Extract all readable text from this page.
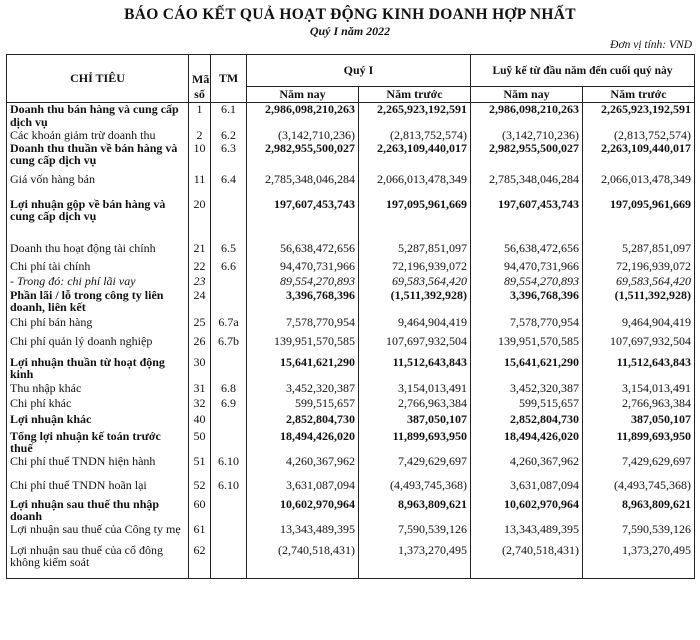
BÁO CÁO KẾT QUẢ HOẠT ĐỘNG KINH DOANH HỢP NHẤT
Quý I năm 2022
Đơn vị tính: VND
CHỈ TIÊU	Mã	TM	Quý I		Luỹ kế từ đầu năm đến cuối quý này	
	số		Năm nay	Năm trước	Năm nay	Năm trước
Doanh thu bán hàng và cung cấp dịch vụ	1	6.1	2,986,098,210,263	2,265,923,192,591	2,986,098,210,263	2,265,923,192,591
Các khoản giảm trừ doanh thu	2	6.2	(3,142,710,236)	(2,813,752,574)	(3,142,710,236)	(2,813,752,574)
Doanh thu thuần về bán hàng và cung cấp dịch vụ	10	6.3	2,982,955,500,027	2,263,109,440,017	2,982,955,500,027	2,263,109,440,017
Giá vốn hàng bán	11	6.4	2,785,348,046,284	2,066,013,478,349	2,785,348,046,284	2,066,013,478,349
Lợi nhuận gộp về bán hàng và cung cấp dịch vụ	20		197,607,453,743	197,095,961,669	197,607,453,743	197,095,961,669
Doanh thu hoạt động tài chính	21	6.5	56,638,472,656	5,287,851,097	56,638,472,656	5,287,851,097
Chi phí tài chính	22	6.6	94,470,731,966	72,196,939,072	94,470,731,966	72,196,939,072
- Trong đó: chi phí lãi vay	23		89,554,270,893	69,583,564,420	89,554,270,893	69,583,564,420
Phần lãi / lỗ trong công ty liên doanh, liên kết	24		3,396,768,396	(1,511,392,928)	3,396,768,396	(1,511,392,928)
Chi phí bán hàng	25	6.7a	7,578,770,954	9,464,904,419	7,578,770,954	9,464,904,419
Chi phí quản lý doanh nghiệp	26	6.7b	139,951,570,585	107,697,932,504	139,951,570,585	107,697,932,504
Lợi nhuận thuần từ hoạt động kinh	30		15,641,621,290	11,512,643,843	15,641,621,290	11,512,643,843
Thu nhập khác	31	6.8	3,452,320,387	3,154,013,491	3,452,320,387	3,154,013,491
Chi phí khác	32	6.9	599,515,657	2,766,963,384	599,515,657	2,766,963,384
Lợi nhuận khác	40		2,852,804,730	387,050,107	2,852,804,730	387,050,107
Tổng lợi nhuận kế toán trước thuế	50		18,494,426,020	11,899,693,950	18,494,426,020	11,899,693,950
Chi phí thuế TNDN hiện hành	51	6.10	4,260,367,962	7,429,629,697	4,260,367,962	7,429,629,697
Chi phí thuế TNDN hoãn lại	52	6.10	3,631,087,094	(4,493,745,368)	3,631,087,094	(4,493,745,368)
Lợi nhuận sau thuế thu nhập doanh	60		10,602,970,964	8,963,809,621	10,602,970,964	8,963,809,621
Lợi nhuận sau thuế của Công ty mẹ	61		13,343,489,395	7,590,539,126	13,343,489,395	7,590,539,126
Lợi nhuận sau thuế của cổ đông không kiểm soát	62		(2,740,518,431)	1,373,270,495	(2,740,518,431)	1,373,270,495
